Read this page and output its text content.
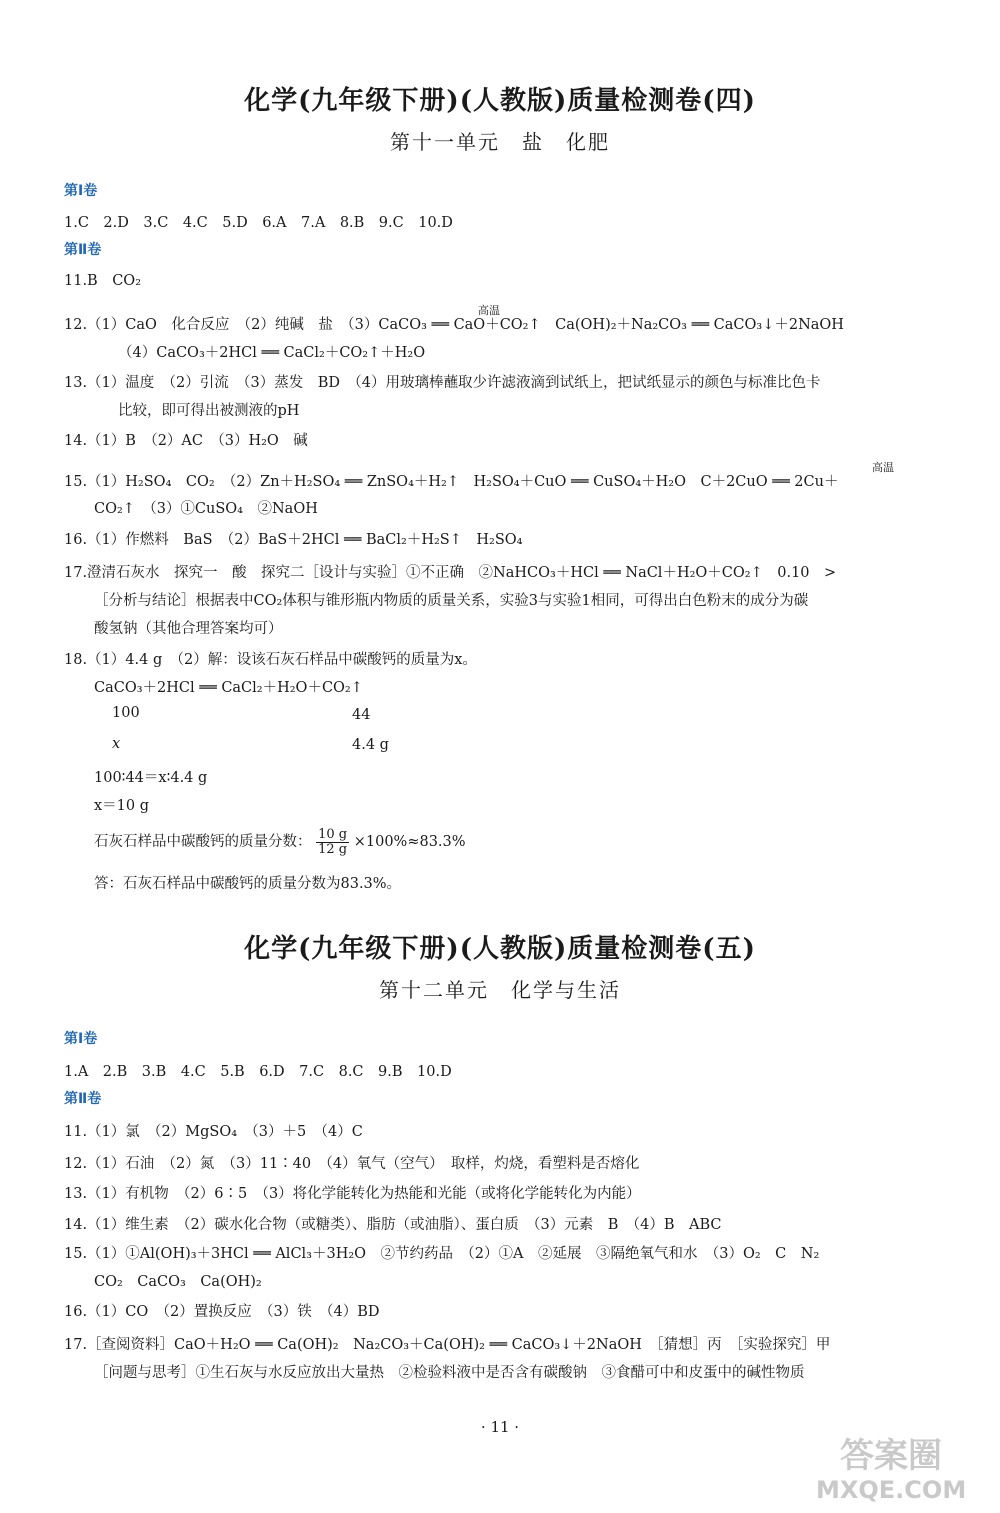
化学(九年级下册)(人教版)质量检测卷(四)
第十一单元　盐　化肥
第Ⅰ卷
1.C　2.D　3.C　4.C　5.D　6.A　7.A　8.B　9.C　10.D
第Ⅱ卷
11.B　CO₂
高温
12.（1）CaO　化合反应　（2）纯碱　盐　（3）CaCO₃ ══ CaO＋CO₂↑　Ca(OH)₂＋Na₂CO₃ ══ CaCO₃↓＋2NaOH
（4）CaCO₃＋2HCl ══ CaCl₂＋CO₂↑＋H₂O
13.（1）温度　（2）引流　（3）蒸发　BD　（4）用玻璃棒蘸取少许滤液滴到试纸上，把试纸显示的颜色与标准比色卡
比较，即可得出被测液的pH
14.（1）B　（2）AC　（3）H₂O　碱
高温
15.（1）H₂SO₄　CO₂　（2）Zn＋H₂SO₄ ══ ZnSO₄＋H₂↑　H₂SO₄＋CuO ══ CuSO₄＋H₂O　C＋2CuO ══ 2Cu＋
CO₂↑　（3）①CuSO₄　②NaOH
16.（1）作燃料　BaS　（2）BaS＋2HCl ══ BaCl₂＋H₂S↑　H₂SO₄
17.澄清石灰水　探究一　酸　探究二［设计与实验］①不正确　②NaHCO₃＋HCl ══ NaCl＋H₂O＋CO₂↑　0.10　>
［分析与结论］根据表中CO₂体积与锥形瓶内物质的质量关系，实验3与实验1相同，可得出白色粉末的成分为碳
酸氢钠（其他合理答案均可）
18.（1）4.4 g　（2）解：设该石灰石样品中碳酸钙的质量为x。
CaCO₃＋2HCl ══ CaCl₂＋H₂O＋CO₂↑
100	44
x	4.4 g
100∶44＝x∶4.4 g
x＝10 g
石灰石样品中碳酸钙的质量分数： $\frac{10 g}{12 g} \times 100\%\approx 83.3\%$
答：石灰石样品中碳酸钙的质量分数为83.3%。
化学(九年级下册)(人教版)质量检测卷(五)
第十二单元　化学与生活
第Ⅰ卷
1.A　2.B　3.B　4.C　5.B　6.D　7.C　8.C　9.B　10.D
第Ⅱ卷
11.（1）氯　（2）MgSO₄　（3）＋5　（4）C
12.（1）石油　（2）氮　（3）11∶40　（4）氧气（空气）　取样，灼烧，看塑料是否熔化
13.（1）有机物　（2）6∶5　（3）将化学能转化为热能和光能（或将化学能转化为内能）
14.（1）维生素　（2）碳水化合物（或糖类）、脂肪（或油脂）、蛋白质　（3）元素　B　（4）B　ABC
15.（1）①Al(OH)₃＋3HCl ══ AlCl₃＋3H₂O　②节约药品　（2）①A　②延展　③隔绝氧气和水　（3）O₂　C　N₂
CO₂　CaCO₃　Ca(OH)₂
16.（1）CO　（2）置换反应　（3）铁　（4）BD
17.［查阅资料］CaO＋H₂O ══ Ca(OH)₂　Na₂CO₃＋Ca(OH)₂ ══ CaCO₃↓＋2NaOH　［猜想］丙　［实验探究］甲
［问题与思考］①生石灰与水反应放出大量热　②检验料液中是否含有碳酸钠　③食醋可中和皮蛋中的碱性物质
· 11 ·
答案圈
MXQE.COM
